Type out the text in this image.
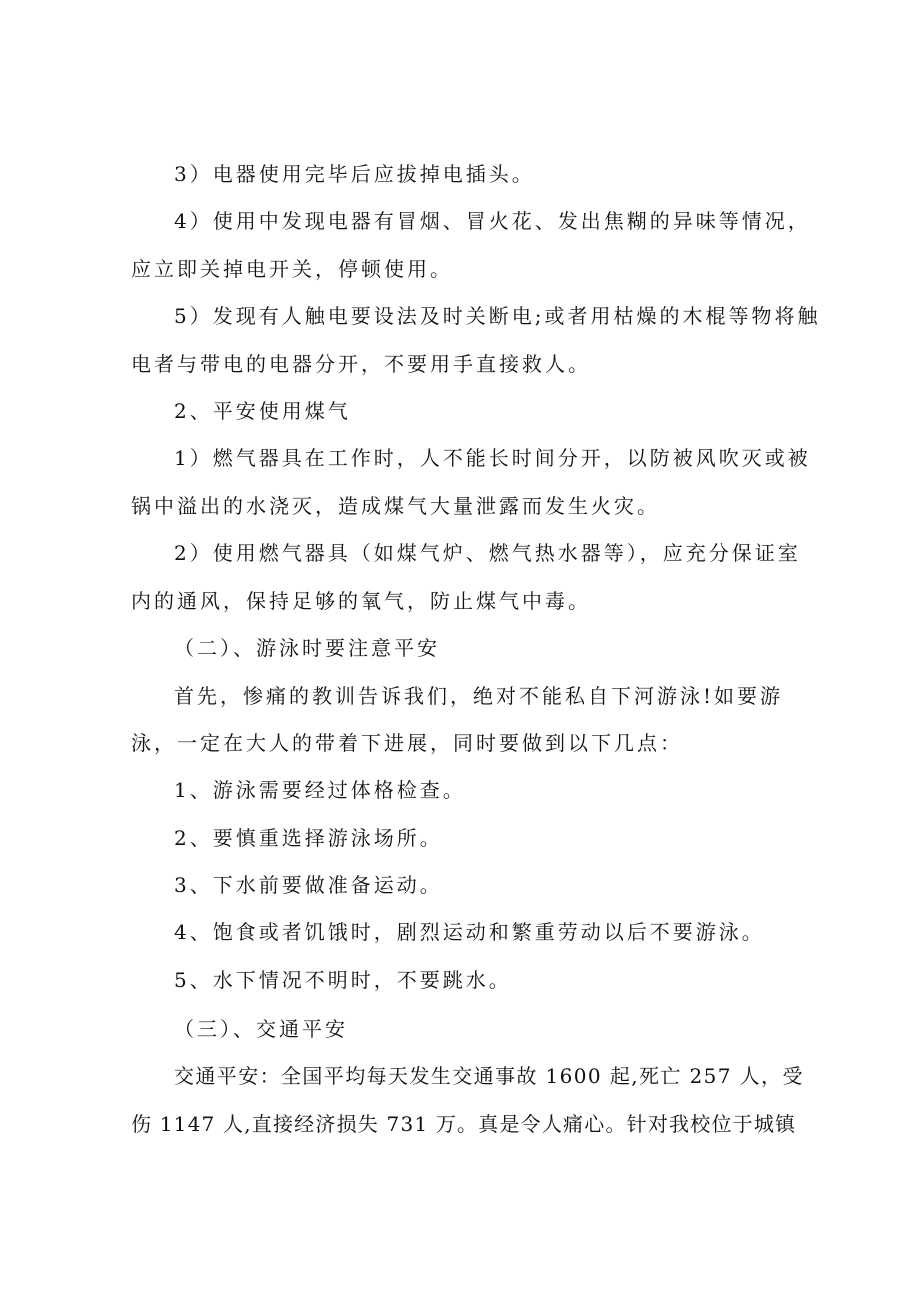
3）电器使用完毕后应拔掉电插头。
4）使用中发现电器有冒烟、冒火花、发出焦糊的异味等情况，
应立即关掉电开关，停顿使用。
5）发现有人触电要设法及时关断电;或者用枯燥的木棍等物将触
电者与带电的电器分开，不要用手直接救人。
2、平安使用煤气
1）燃气器具在工作时，人不能长时间分开，以防被风吹灭或被
锅中溢出的水浇灭，造成煤气大量泄露而发生火灾。
2）使用燃气器具（如煤气炉、燃气热水器等），应充分保证室
内的通风，保持足够的氧气，防止煤气中毒。
（二）、游泳时要注意平安
首先，惨痛的教训告诉我们，绝对不能私自下河游泳!如要游
泳，一定在大人的带着下进展，同时要做到以下几点：
1、游泳需要经过体格检查。
2、要慎重选择游泳场所。
3、下水前要做准备运动。
4、饱食或者饥饿时，剧烈运动和繁重劳动以后不要游泳。
5、水下情况不明时，不要跳水。
（三）、交通平安
交通平安：全国平均每天发生交通事故 1600 起,死亡 257 人，受
伤 1147 人,直接经济损失 731 万。真是令人痛心。针对我校位于城镇
